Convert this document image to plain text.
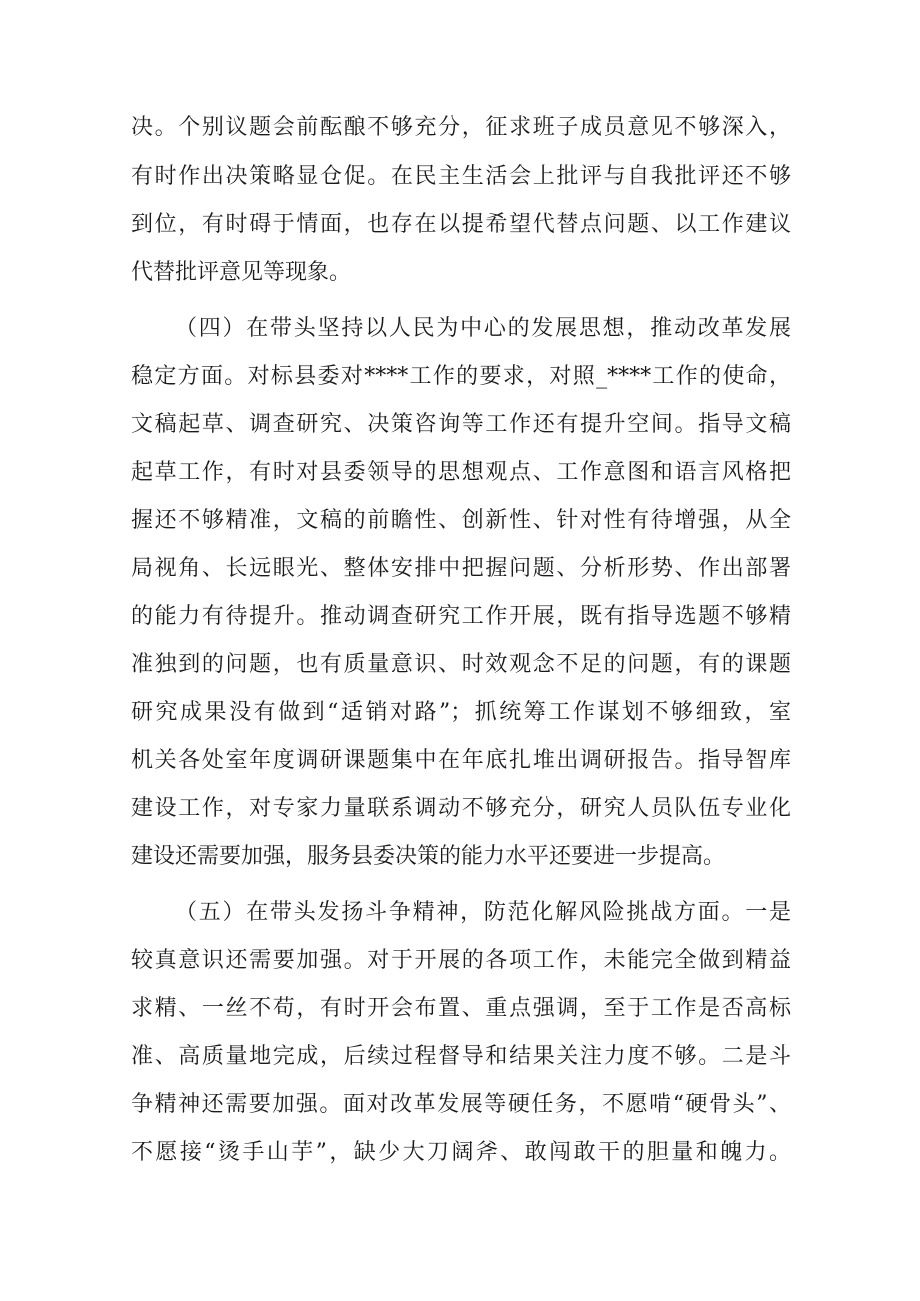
决。个别议题会前酝酿不够充分，征求班子成员意见不够深入，
有时作出决策略显仓促。在民主生活会上批评与自我批评还不够
到位，有时碍于情面，也存在以提希望代替点问题、以工作建议
代替批评意见等现象。
（四）在带头坚持以人民为中心的发展思想，推动改革发展
稳定方面。对标县委对****工作的要求，对照_****工作的使命，
文稿起草、调查研究、决策咨询等工作还有提升空间。指导文稿
起草工作，有时对县委领导的思想观点、工作意图和语言风格把
握还不够精准，文稿的前瞻性、创新性、针对性有待增强，从全
局视角、长远眼光、整体安排中把握问题、分析形势、作出部署
的能力有待提升。推动调查研究工作开展，既有指导选题不够精
准独到的问题，也有质量意识、时效观念不足的问题，有的课题
研究成果没有做到“适销对路”；抓统筹工作谋划不够细致，室
机关各处室年度调研课题集中在年底扎堆出调研报告。指导智库
建设工作，对专家力量联系调动不够充分，研究人员队伍专业化
建设还需要加强，服务县委决策的能力水平还要进一步提高。
（五）在带头发扬斗争精神，防范化解风险挑战方面。一是
较真意识还需要加强。对于开展的各项工作，未能完全做到精益
求精、一丝不苟，有时开会布置、重点强调，至于工作是否高标
准、高质量地完成，后续过程督导和结果关注力度不够。二是斗
争精神还需要加强。面对改革发展等硬任务，不愿啃“硬骨头”、
不愿接“烫手山芋”，缺少大刀阔斧、敢闯敢干的胆量和魄力。
